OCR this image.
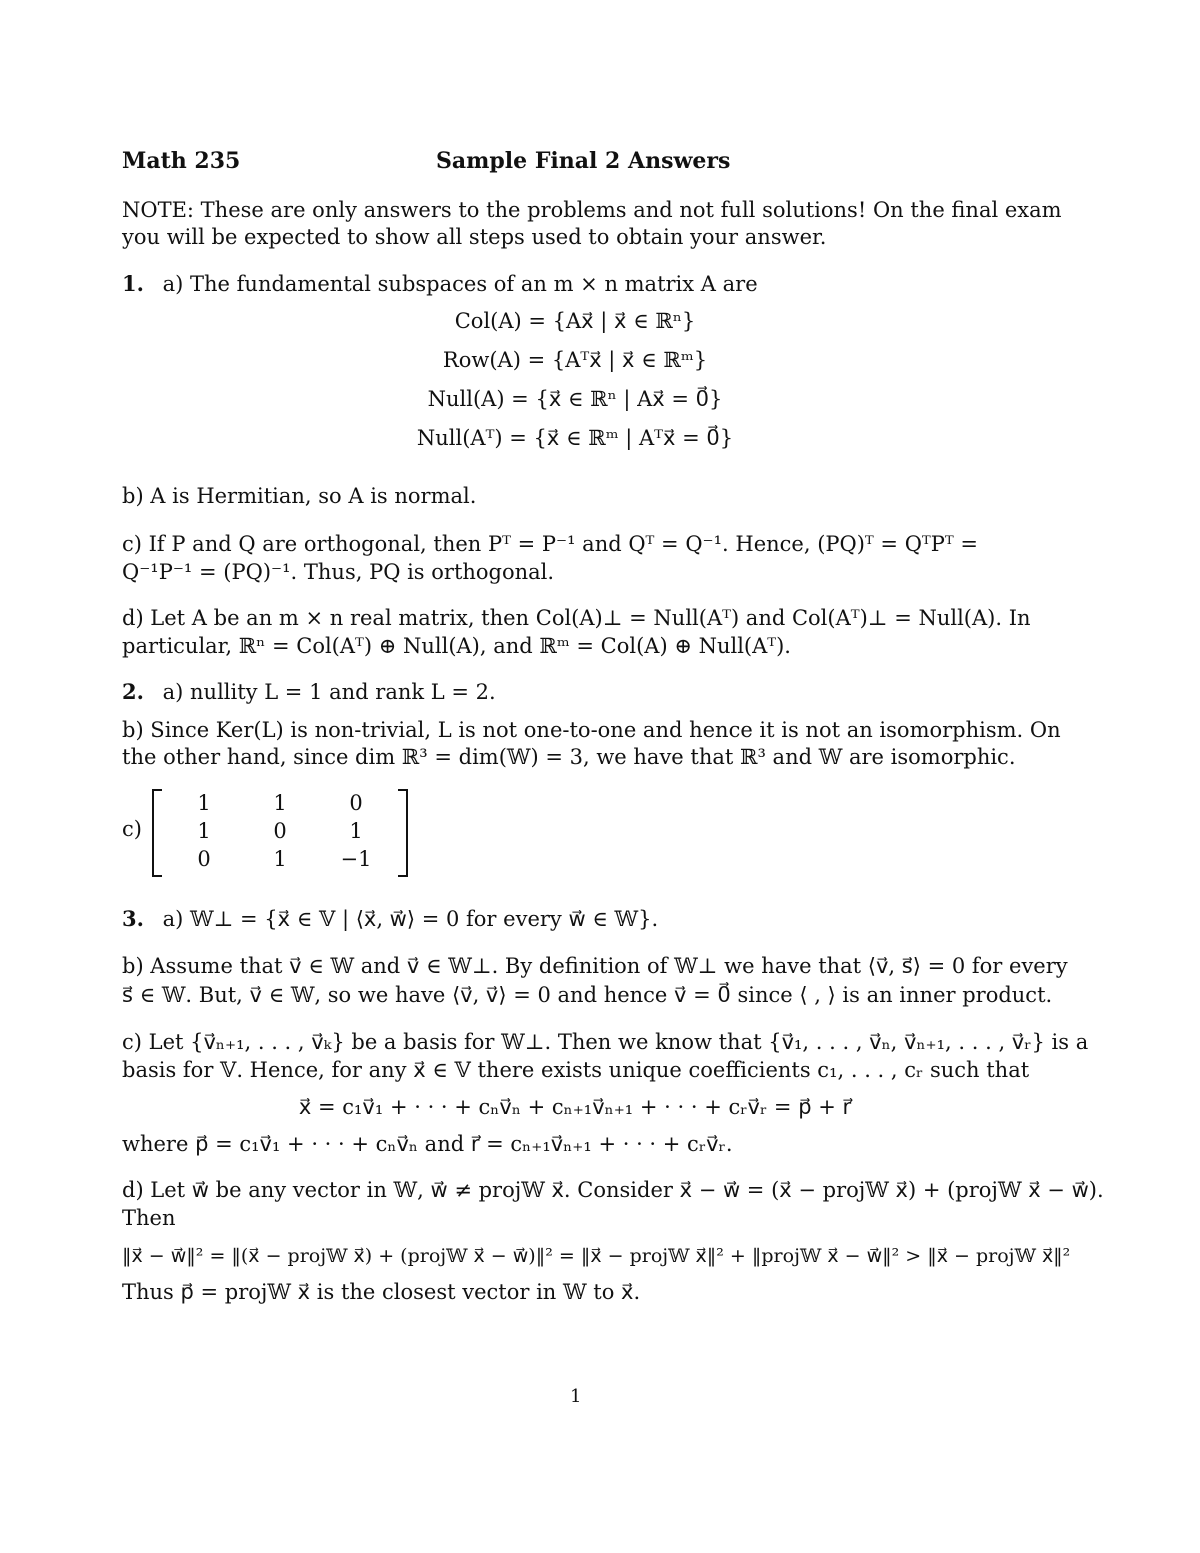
Math 235	Sample Final 2 Answers
NOTE: These are only answers to the problems and not full solutions! On the final exam
you will be expected to show all steps used to obtain your answer.
1. a) The fundamental subspaces of an m × n matrix A are
Col(A) = {Ax⃗ | x⃗ ∈ ℝⁿ}
Row(A) = {Aᵀx⃗ | x⃗ ∈ ℝᵐ}
Null(A) = {x⃗ ∈ ℝⁿ | Ax⃗ = 0⃗}
Null(Aᵀ) = {x⃗ ∈ ℝᵐ | Aᵀx⃗ = 0⃗}
b) A is Hermitian, so A is normal.
c) If P and Q are orthogonal, then Pᵀ = P⁻¹ and Qᵀ = Q⁻¹. Hence, (PQ)ᵀ = QᵀPᵀ =
Q⁻¹P⁻¹ = (PQ)⁻¹. Thus, PQ is orthogonal.
d) Let A be an m × n real matrix, then Col(A)⊥ = Null(Aᵀ) and Col(Aᵀ)⊥ = Null(A). In
particular, ℝⁿ = Col(Aᵀ) ⊕ Null(A), and ℝᵐ = Col(A) ⊕ Null(Aᵀ).
2. a) nullity L = 1 and rank L = 2.
b) Since Ker(L) is non-trivial, L is not one-to-one and hence it is not an isomorphism. On
the other hand, since dim ℝ³ = dim(𝕎) = 3, we have that ℝ³ and 𝕎 are isomorphic.
c)
1	1	0
1	0	1
0	1	−1
3. a) 𝕎⊥ = {x⃗ ∈ 𝕍 | ⟨x⃗, w⃗⟩ = 0 for every w⃗ ∈ 𝕎}.
b) Assume that v⃗ ∈ 𝕎 and v⃗ ∈ 𝕎⊥. By definition of 𝕎⊥ we have that ⟨v⃗, s⃗⟩ = 0 for every
s⃗ ∈ 𝕎. But, v⃗ ∈ 𝕎, so we have ⟨v⃗, v⃗⟩ = 0 and hence v⃗ = 0⃗ since ⟨ , ⟩ is an inner product.
c) Let {v⃗ₙ₊₁, . . . , v⃗ₖ} be a basis for 𝕎⊥. Then we know that {v⃗₁, . . . , v⃗ₙ, v⃗ₙ₊₁, . . . , v⃗ᵣ} is a
basis for 𝕍. Hence, for any x⃗ ∈ 𝕍 there exists unique coefficients c₁, . . . , cᵣ such that
x⃗ = c₁v⃗₁ + · · · + cₙv⃗ₙ + cₙ₊₁v⃗ₙ₊₁ + · · · + cᵣv⃗ᵣ = p⃗ + r⃗
where p⃗ = c₁v⃗₁ + · · · + cₙv⃗ₙ and r⃗ = cₙ₊₁v⃗ₙ₊₁ + · · · + cᵣv⃗ᵣ.
d) Let w⃗ be any vector in 𝕎, w⃗ ≠ proj𝕎 x⃗. Consider x⃗ − w⃗ = (x⃗ − proj𝕎 x⃗) + (proj𝕎 x⃗ − w⃗).
Then
‖x⃗ − w⃗‖² = ‖(x⃗ − proj𝕎 x⃗) + (proj𝕎 x⃗ − w⃗)‖² = ‖x⃗ − proj𝕎 x⃗‖² + ‖proj𝕎 x⃗ − w⃗‖² > ‖x⃗ − proj𝕎 x⃗‖²
Thus p⃗ = proj𝕎 x⃗ is the closest vector in 𝕎 to x⃗.
1
